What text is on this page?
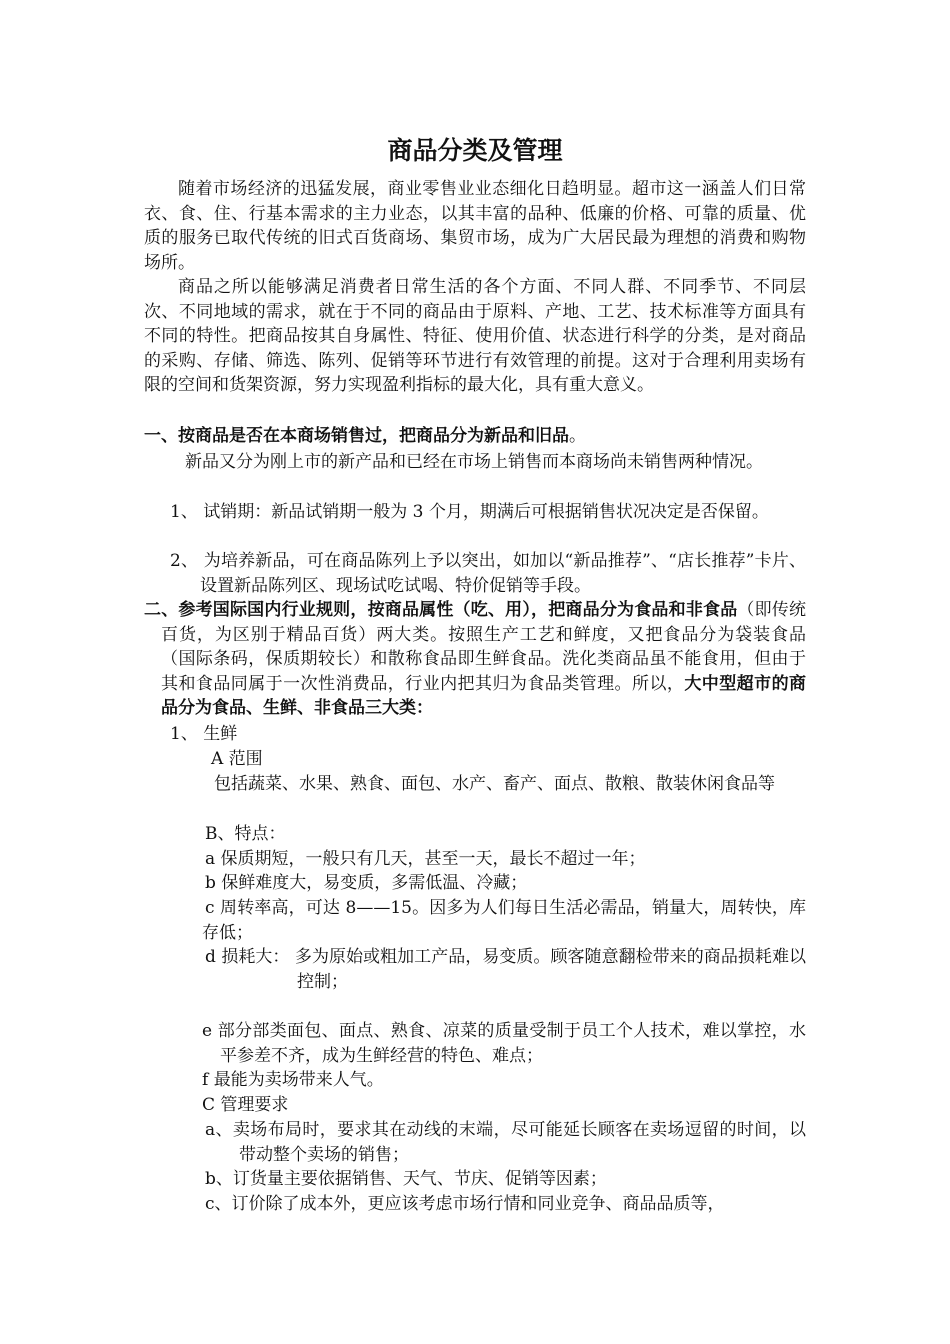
商品分类及管理
随着市场经济的迅猛发展，商业零售业业态细化日趋明显。超市这一涵盖人们日常衣、食、住、行基本需求的主力业态，以其丰富的品种、低廉的价格、可靠的质量、优质的服务已取代传统的旧式百货商场、集贸市场，成为广大居民最为理想的消费和购物场所。
商品之所以能够满足消费者日常生活的各个方面、不同人群、不同季节、不同层次、不同地域的需求，就在于不同的商品由于原料、产地、工艺、技术标准等方面具有不同的特性。把商品按其自身属性、特征、使用价值、状态进行科学的分类，是对商品的采购、存储、筛选、陈列、促销等环节进行有效管理的前提。这对于合理利用卖场有限的空间和货架资源，努力实现盈利指标的最大化，具有重大意义。
一、按商品是否在本商场销售过，把商品分为新品和旧品。
新品又分为刚上市的新产品和已经在市场上销售而本商场尚未销售两种情况。
1、 试销期：新品试销期一般为 3 个月，期满后可根据销售状况决定是否保留。
2、 为培养新品，可在商品陈列上予以突出，如加以“新品推荐”、“店长推荐”卡片、设置新品陈列区、现场试吃试喝、特价促销等手段。
二、参考国际国内行业规则，按商品属性（吃、用），把商品分为食品和非食品（即传统百货，为区别于精品百货）两大类。按照生产工艺和鲜度，又把食品分为袋装食品（国际条码，保质期较长）和散称食品即生鲜食品。洗化类商品虽不能食用，但由于其和食品同属于一次性消费品，行业内把其归为食品类管理。所以，大中型超市的商品分为食品、生鲜、非食品三大类：
1、 生鲜
A 范围
包括蔬菜、水果、熟食、面包、水产、畜产、面点、散粮、散装休闲食品等
B、特点：
a 保质期短，一般只有几天，甚至一天，最长不超过一年；
b 保鲜难度大，易变质，多需低温、冷藏；
c 周转率高，可达 8——15。因多为人们每日生活必需品，销量大，周转快，库存低；
d 损耗大： 多为原始或粗加工产品，易变质。顾客随意翻检带来的商品损耗难以控制；
e 部分部类面包、面点、熟食、凉菜的质量受制于员工个人技术，难以掌控，水平参差不齐，成为生鲜经营的特色、难点；
f 最能为卖场带来人气。
C 管理要求
a、卖场布局时，要求其在动线的末端，尽可能延长顾客在卖场逗留的时间，以带动整个卖场的销售；
b、订货量主要依据销售、天气、节庆、促销等因素；
c、订价除了成本外，更应该考虑市场行情和同业竞争、商品品质等，
